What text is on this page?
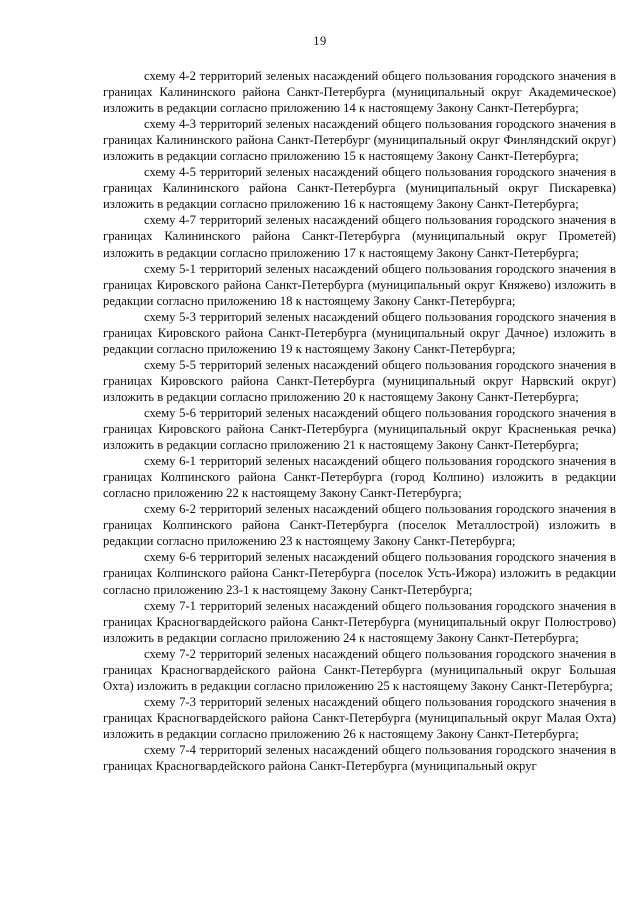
19

схему 4-2 территорий зеленых насаждений общего пользования городского значения в границах Калининского района Санкт-Петербурга (муниципальный округ Академическое) изложить в редакции согласно приложению 14 к настоящему Закону Санкт-Петербурга;

схему 4-3 территорий зеленых насаждений общего пользования городского значения в границах Калининского района Санкт-Петербург (муниципальный округ Финляндский округ) изложить в редакции согласно приложению 15 к настоящему Закону Санкт-Петербурга;

схему 4-5 территорий зеленых насаждений общего пользования городского значения в границах Калининского района Санкт-Петербурга (муниципальный округ Пискаревка) изложить в редакции согласно приложению 16 к настоящему Закону Санкт-Петербурга;

схему 4-7 территорий зеленых насаждений общего пользования городского значения в границах Калининского района Санкт-Петербурга (муниципальный округ Прометей) изложить в редакции согласно приложению 17 к настоящему Закону Санкт-Петербурга;

схему 5-1 территорий зеленых насаждений общего пользования городского значения в границах Кировского района Санкт-Петербурга (муниципальный округ Княжево) изложить в редакции согласно приложению 18 к настоящему Закону Санкт-Петербурга;

схему 5-3 территорий зеленых насаждений общего пользования городского значения в границах Кировского района Санкт-Петербурга (муниципальный округ Дачное) изложить в редакции согласно приложению 19 к настоящему Закону Санкт-Петербурга;

схему 5-5 территорий зеленых насаждений общего пользования городского значения в границах Кировского района Санкт-Петербурга (муниципальный округ Нарвский округ) изложить в редакции согласно приложению 20 к настоящему Закону Санкт-Петербурга;

схему 5-6 территорий зеленых насаждений общего пользования городского значения в границах Кировского района Санкт-Петербурга (муниципальный округ Красненькая речка) изложить в редакции согласно приложению 21 к настоящему Закону Санкт-Петербурга;

схему 6-1 территорий зеленых насаждений общего пользования городского значения в границах Колпинского района Санкт-Петербурга (город Колпино) изложить в редакции согласно приложению 22 к настоящему Закону Санкт-Петербурга;

схему 6-2 территорий зеленых насаждений общего пользования городского значения в границах Колпинского района Санкт-Петербурга (поселок Металлострой) изложить в редакции согласно приложению 23 к настоящему Закону Санкт-Петербурга;

схему 6-6 территорий зеленых насаждений общего пользования городского значения в границах Колпинского района Санкт-Петербурга (поселок Усть-Ижора) изложить в редакции согласно приложению 23-1 к настоящему Закону Санкт-Петербурга;

схему 7-1 территорий зеленых насаждений общего пользования городского значения в границах Красногвардейского района Санкт-Петербурга (муниципальный округ Полюстрово) изложить в редакции согласно приложению 24 к настоящему Закону Санкт-Петербурга;

схему 7-2 территорий зеленых насаждений общего пользования городского значения в границах Красногвардейского района Санкт-Петербурга (муниципальный округ Большая Охта) изложить в редакции согласно приложению 25 к настоящему Закону Санкт-Петербурга;

схему 7-3 территорий зеленых насаждений общего пользования городского значения в границах Красногвардейского района Санкт-Петербурга (муниципальный округ Малая Охта) изложить в редакции согласно приложению 26 к настоящему Закону Санкт-Петербурга;

схему 7-4 территорий зеленых насаждений общего пользования городского значения в границах Красногвардейского района Санкт-Петербурга (муниципальный округ
